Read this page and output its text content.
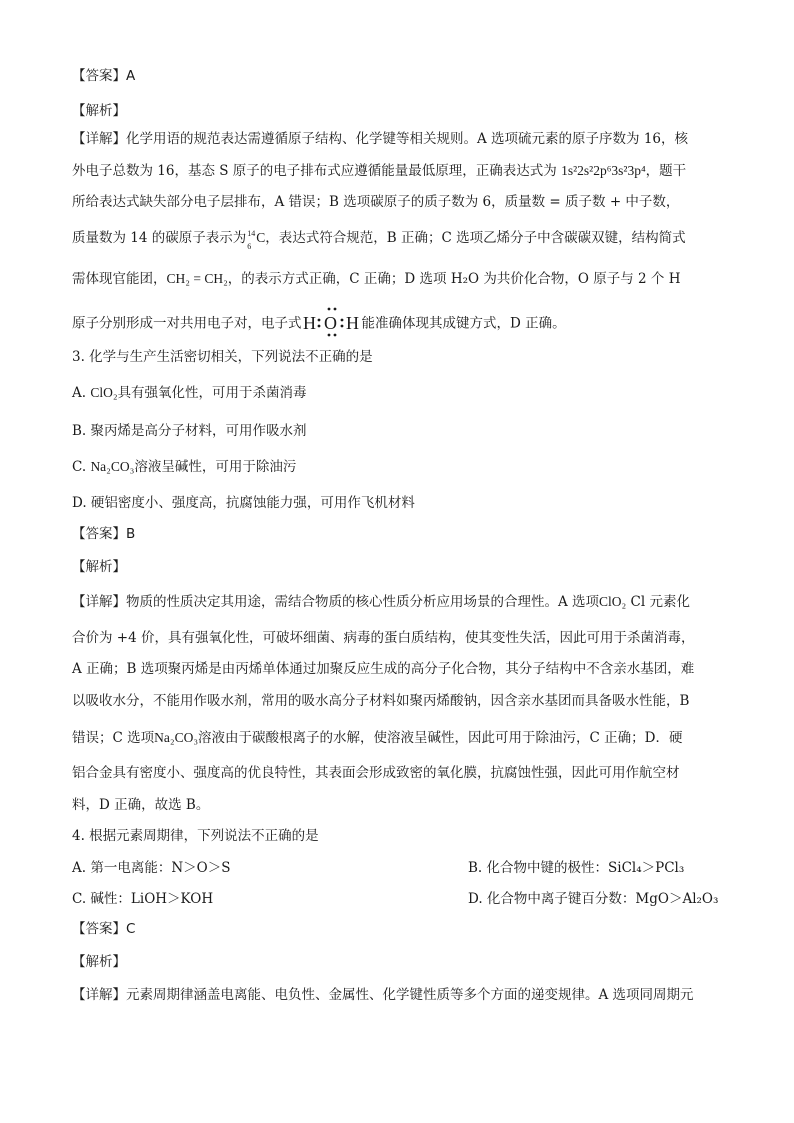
【答案】A
【解析】
【详解】化学用语的规范表达需遵循原子结构、化学键等相关规则。A 选项硫元素的原子序数为 16，核
外电子总数为 16，基态 S 原子的电子排布式应遵循能量最低原理，正确表达式为 1s²2s²2p⁶3s²3p⁴，题干
所给表达式缺失部分电子层排布，A 错误；B 选项碳原子的质子数为 6，质量数 = 质子数 + 中子数，
质量数为 14 的碳原子表示为 14
6
C，表达式符合规范，B 正确；C 选项乙烯分子中含碳碳双键，结构简式
需体现官能团，CH₂ = CH₂，的表示方式正确，C 正确；D 选项 H₂O 为共价化合物，O 原子与 2 个 H
原子分别形成一对共用电子对，电子式 H O H 能准确体现其成键方式，D 正确。
3. 化学与生产生活密切相关，下列说法不正确的是
A. ClO₂具有强氧化性，可用于杀菌消毒
B. 聚丙烯是高分子材料，可用作吸水剂
C. Na₂CO₃溶液呈碱性，可用于除油污
D. 硬铝密度小、强度高，抗腐蚀能力强，可用作飞机材料
【答案】B
【解析】
【详解】物质的性质决定其用途，需结合物质的核心性质分析应用场景的合理性。A 选项ClO₂ Cl 元素化
合价为 +4 价，具有强氧化性，可破坏细菌、病毒的蛋白质结构，使其变性失活，因此可用于杀菌消毒，
A 正确；B 选项聚丙烯是由丙烯单体通过加聚反应生成的高分子化合物，其分子结构中不含亲水基团，难
以吸收水分，不能用作吸水剂，常用的吸水高分子材料如聚丙烯酸钠，因含亲水基团而具备吸水性能，B
错误；C 选项Na₂CO₃溶液由于碳酸根离子的水解，使溶液呈碱性，因此可用于除油污，C 正确；D．硬
铝合金具有密度小、强度高的优良特性，其表面会形成致密的氧化膜，抗腐蚀性强，因此可用作航空材
料，D 正确，故选 B。
4. 根据元素周期律，下列说法不正确的是
A. 第一电离能：N＞O＞S	B. 化合物中键的极性：SiCl₄＞PCl₃
C. 碱性：LiOH＞KOH	D. 化合物中离子键百分数：MgO＞Al₂O₃
【答案】C
【解析】
【详解】元素周期律涵盖电离能、电负性、金属性、化学键性质等多个方面的递变规律。A 选项同周期元
